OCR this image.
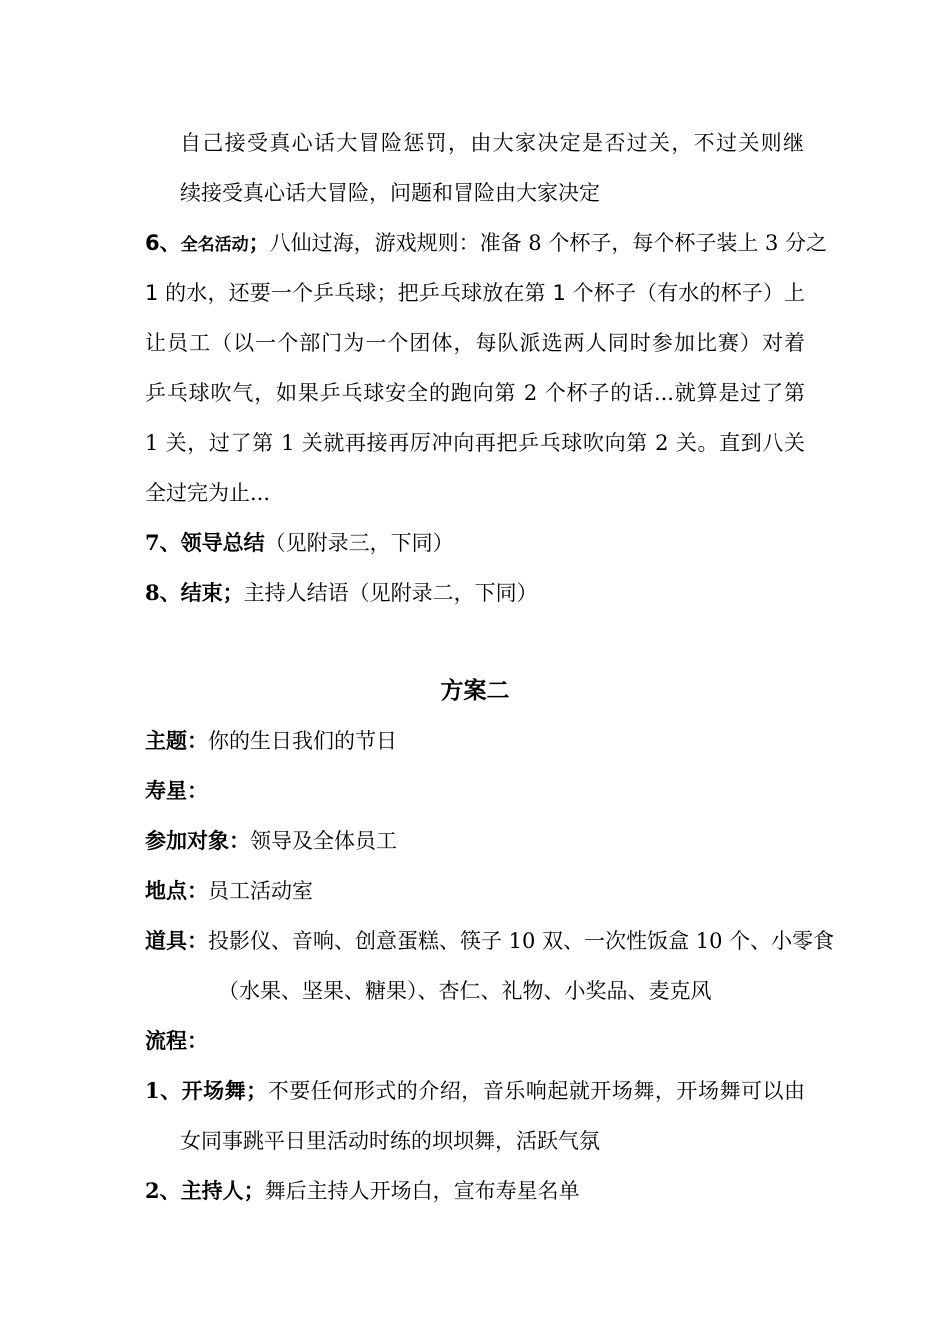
自己接受真心话大冒险惩罚，由大家决定是否过关，不过关则继
续接受真心话大冒险，问题和冒险由大家决定
6、全名活动；八仙过海，游戏规则：准备 8 个杯子，每个杯子装上 3 分之
1 的水，还要一个乒乓球；把乒乓球放在第 1 个杯子（有水的杯子）上
让员工（以一个部门为一个团体，每队派选两人同时参加比赛）对着
乒乓球吹气，如果乒乓球安全的跑向第 2 个杯子的话...就算是过了第
1 关，过了第 1 关就再接再厉冲向再把乒乓球吹向第 2 关。直到八关
全过完为止...
7、领导总结（见附录三，下同）
8、结束；主持人结语（见附录二，下同）
方案二
主题：你的生日我们的节日
寿星：
参加对象：领导及全体员工
地点：员工活动室
道具：投影仪、音响、创意蛋糕、筷子 10 双、一次性饭盒 10 个、小零食
（水果、坚果、糖果）、杏仁、礼物、小奖品、麦克风
流程：
1、开场舞；不要任何形式的介绍，音乐响起就开场舞，开场舞可以由
女同事跳平日里活动时练的坝坝舞，活跃气氛
2、主持人；舞后主持人开场白，宣布寿星名单
